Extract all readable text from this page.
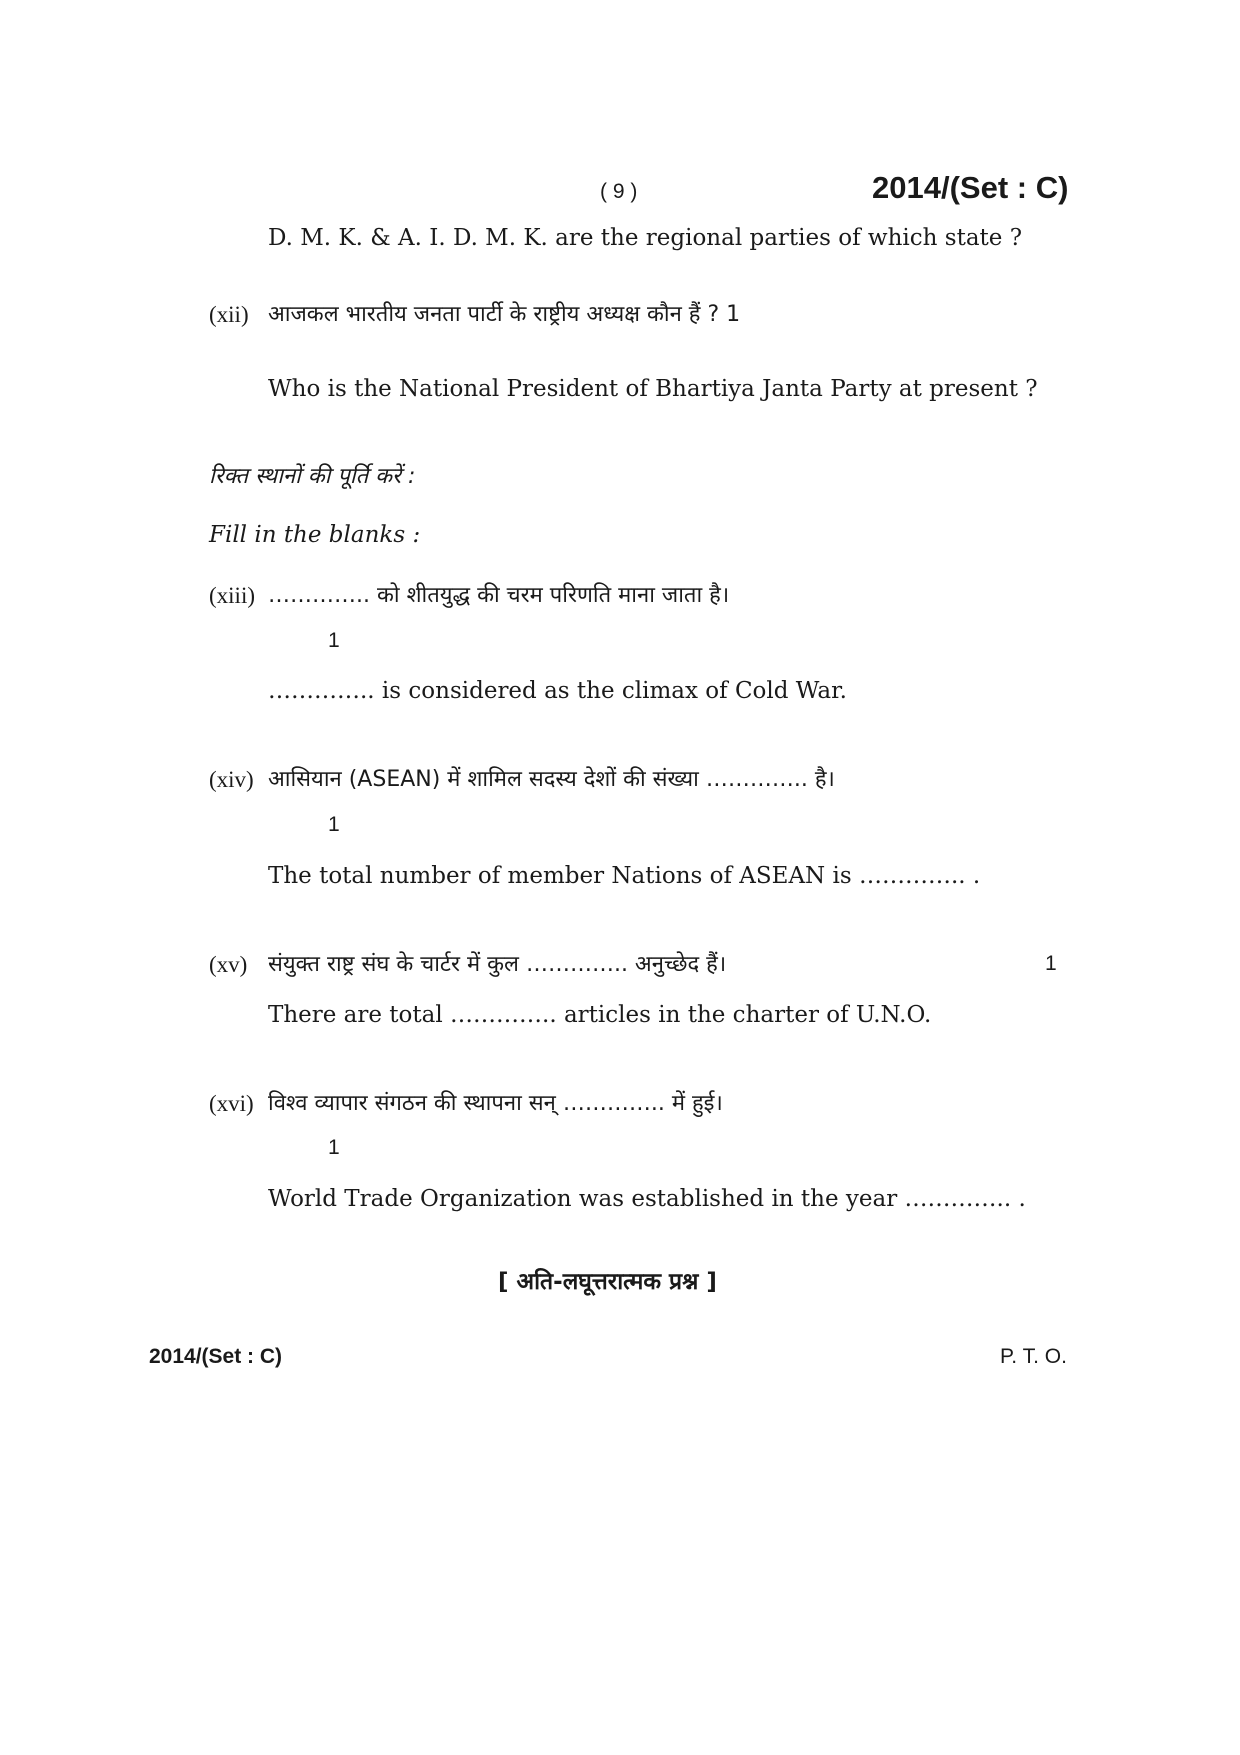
( 9 )	2014/(Set : C)
D. M. K. & A. I. D. M. K. are the regional parties of which state ?
(xii) आजकल भारतीय जनता पार्टी के राष्ट्रीय अध्यक्ष कौन हैं ? 1
Who is the National President of Bhartiya Janta Party at present ?
रिक्त स्थानों की पूर्ति करें :
Fill in the blanks :
(xiii) ………….. को शीतयुद्ध की चरम परिणति माना जाता है।
1
………….. is considered as the climax of Cold War.
(xiv) आसियान (ASEAN) में शामिल सदस्य देशों की संख्या ………….. है।
1
The total number of member Nations of ASEAN is ………….. .
(xv) संयुक्त राष्ट्र संघ के चार्टर में कुल ………….. अनुच्छेद हैं।	1
There are total ………….. articles in the charter of U.N.O.
(xvi) विश्व व्यापार संगठन की स्थापना सन् ………….. में हुई।
1
World Trade Organization was established in the year ………….. .
[ अति-लघूत्तरात्मक प्रश्न ]
2014/(Set : C)	P. T. O.
